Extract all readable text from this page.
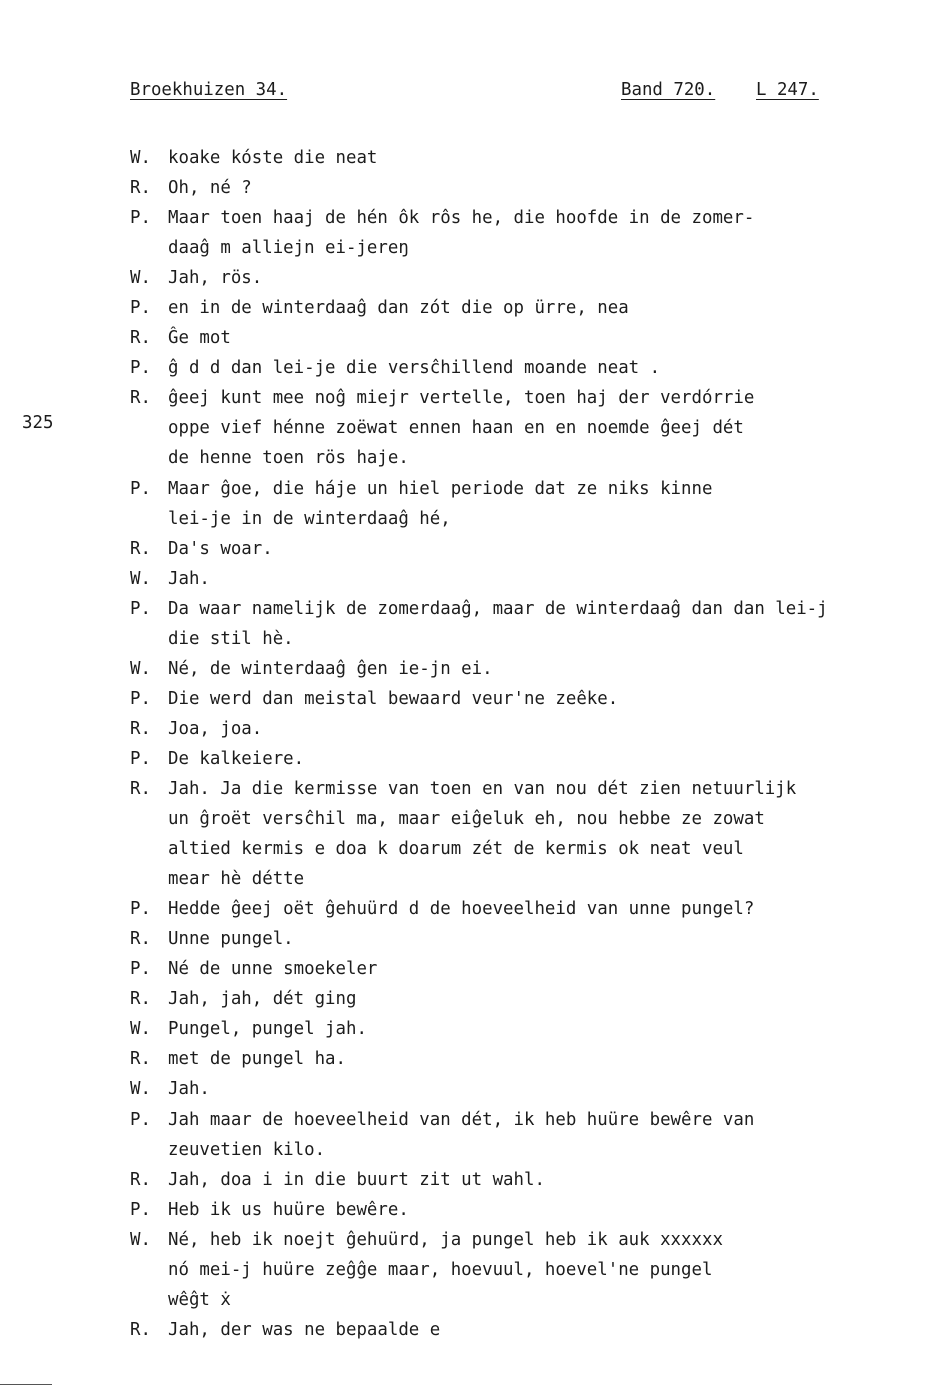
Broekhuizen 34.	Band 720. L 247.
325
W. koake kóste die neat
R. Oh, né ?
P. Maar toen haaj de hén ôk rôs he, die hoofde in de zomer-
daaĝ m alliejn ei-jereŋ
W. Jah, rös.
P. en in de winterdaaĝ dan zót die op ürre, nea
R. Ĝe mot
P. ĝ d d dan lei-je die versĉhillend moande neat .
R. ĝeej kunt mee noĝ miejr vertelle, toen haj der verdórrie
oppe vief hénne zoëwat ennen haan en en noemde ĝeej dét
de henne toen rös haje.
P. Maar ĝoe, die háje un hiel periode dat ze niks kinne
lei-je in de winterdaaĝ hé,
R. Da's woar.
W. Jah.
P. Da waar namelijk de zomerdaaĝ, maar de winterdaaĝ dan dan lei-j
die stil hè.
W. Né, de winterdaaĝ ĝen ie-jn ei.
P. Die werd dan meistal bewaard veur'ne zeêke.
R. Joa, joa.
P. De kalkeiere.
R. Jah. Ja die kermisse van toen en van nou dét zien netuurlijk
un ĝroët versĉhil ma, maar eiĝeluk eh, nou hebbe ze zowat
altied kermis e doa k doarum zét de kermis ok neat veul
mear hè détte
P. Hedde ĝeej oët ĝehuürd d de hoeveelheid van unne pungel?
R. Unne pungel.
P. Né de unne smoekeler
R. Jah, jah, dét ging
W. Pungel, pungel jah.
R. met de pungel ha.
W. Jah.
P. Jah maar de hoeveelheid van dét, ik heb huüre bewêre van
zeuvetien kilo.
R. Jah, doa i in die buurt zit ut wahl.
P. Heb ik us huüre bewêre.
W. Né, heb ik noejt ĝehuürd, ja pungel heb ik auk xxxxxx
nó mei-j huüre zeĝĝe maar, hoevuul, hoevel'ne pungel
wêĝt ẋ
R. Jah, der was ne bepaalde e
